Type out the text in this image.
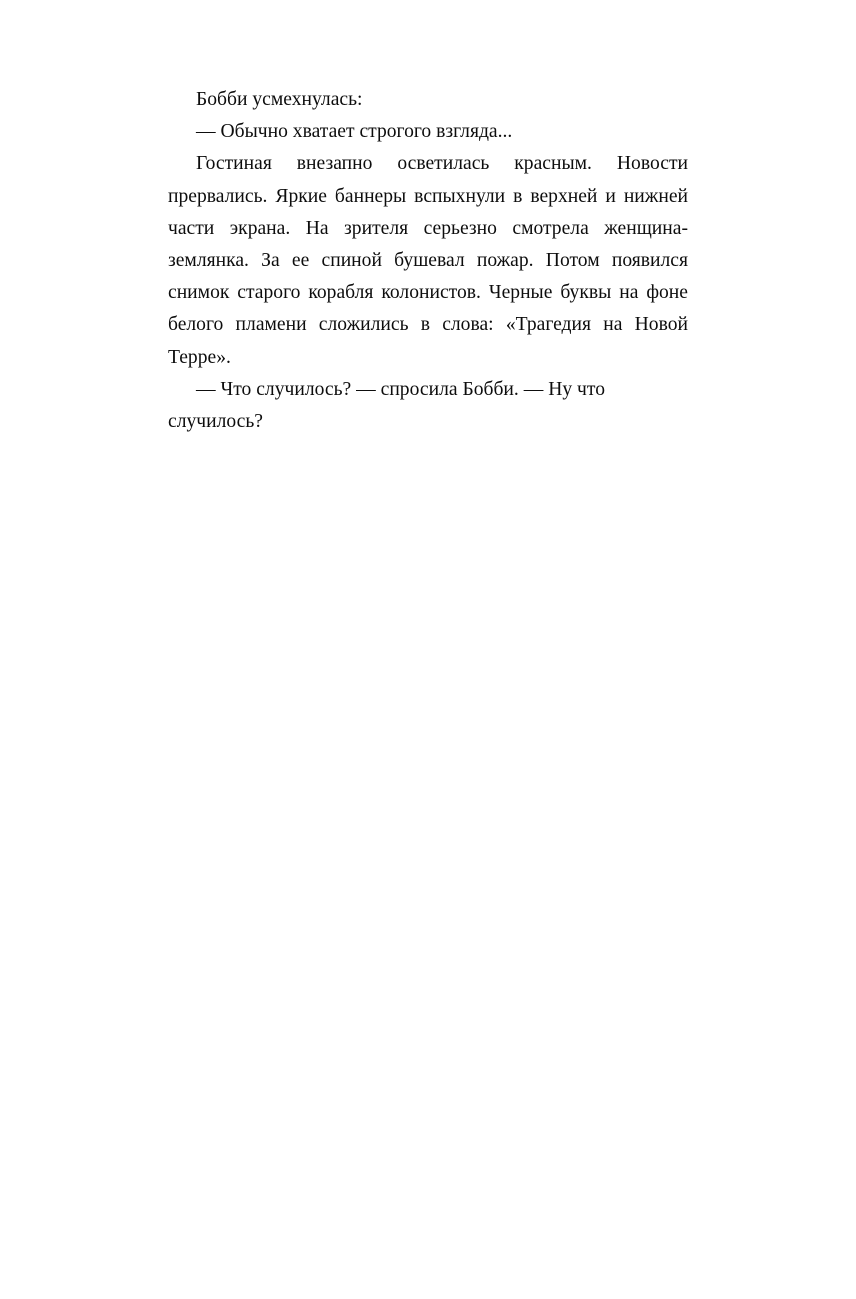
Бобби усмехнулась:

— Обычно хватает строгого взгляда...

Гостиная внезапно осветилась красным. Новости прервались. Яркие баннеры вспыхнули в верхней и нижней части экрана. На зрителя серьезно смотрела женщина-землянка. За ее спиной бушевал пожар. Потом появился снимок старого корабля колонистов. Черные буквы на фоне белого пламени сложились в слова: «Трагедия на Новой Терре».

— Что случилось? — спросила Бобби. — Ну что случилось?
